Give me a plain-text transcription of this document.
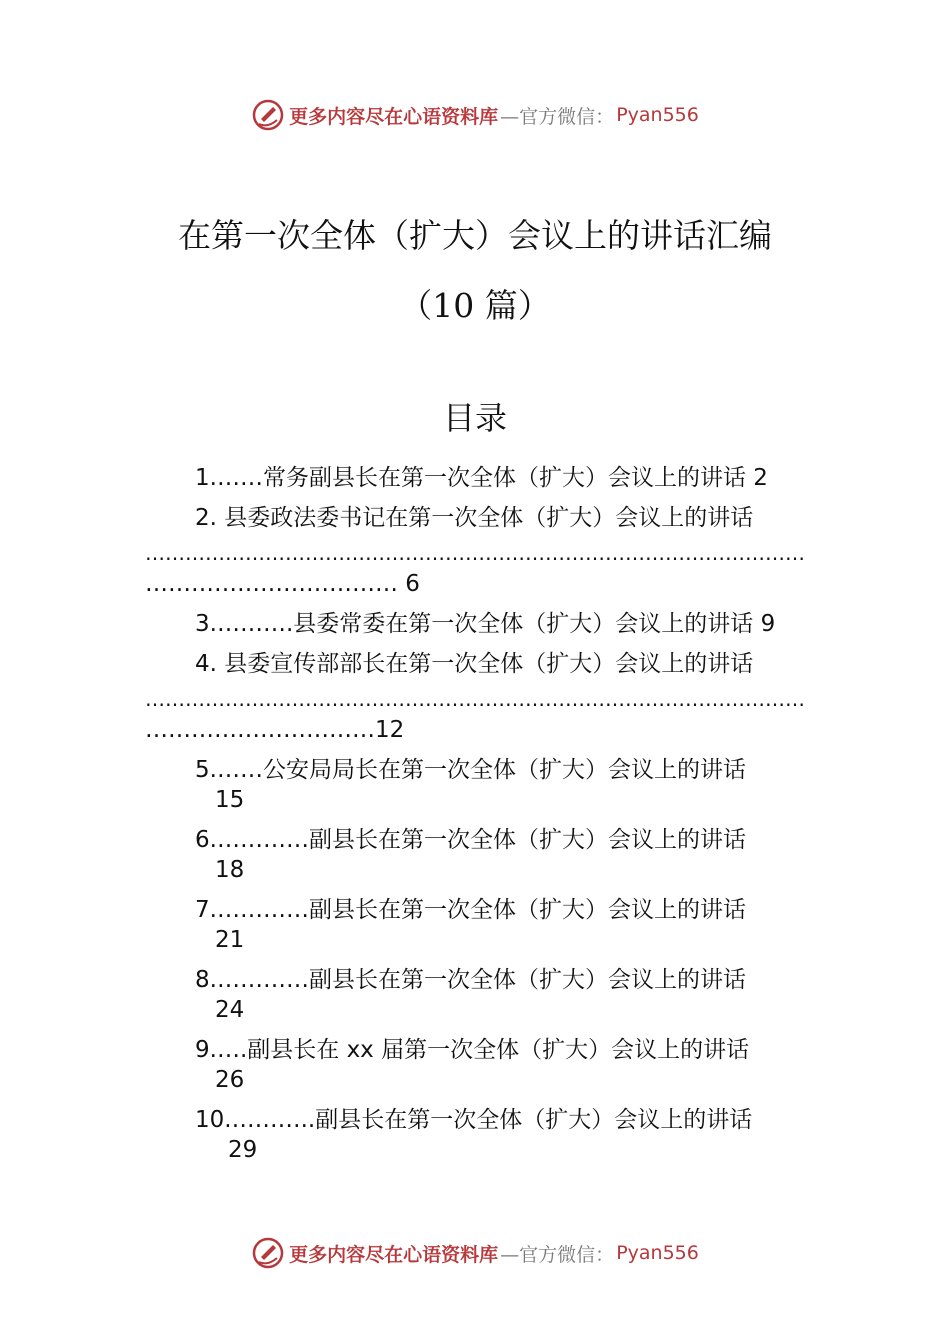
更多内容尽在心语资料库 —官方微信： Pyan556
在第一次全体（扩大）会议上的讲话汇编
（10 篇）
目录
1.……常务副县长在第一次全体（扩大）会议上的讲话 2
2. 县委政法委书记在第一次全体（扩大）会议上的讲话
………………………………………………………………………………………
…………………………… 6
3.……….县委常委在第一次全体（扩大）会议上的讲话 9
4. 县委宣传部部长在第一次全体（扩大）会议上的讲话
………………………………………………………………………………………
…………………………12
5.……公安局局长在第一次全体（扩大）会议上的讲话
15
6.…………副县长在第一次全体（扩大）会议上的讲话
18
7.…………副县长在第一次全体（扩大）会议上的讲话
21
8.…………副县长在第一次全体（扩大）会议上的讲话
24
9.….副县长在 xx 届第一次全体（扩大）会议上的讲话
26
10.………..副县长在第一次全体（扩大）会议上的讲话
29
更多内容尽在心语资料库 —官方微信： Pyan556
